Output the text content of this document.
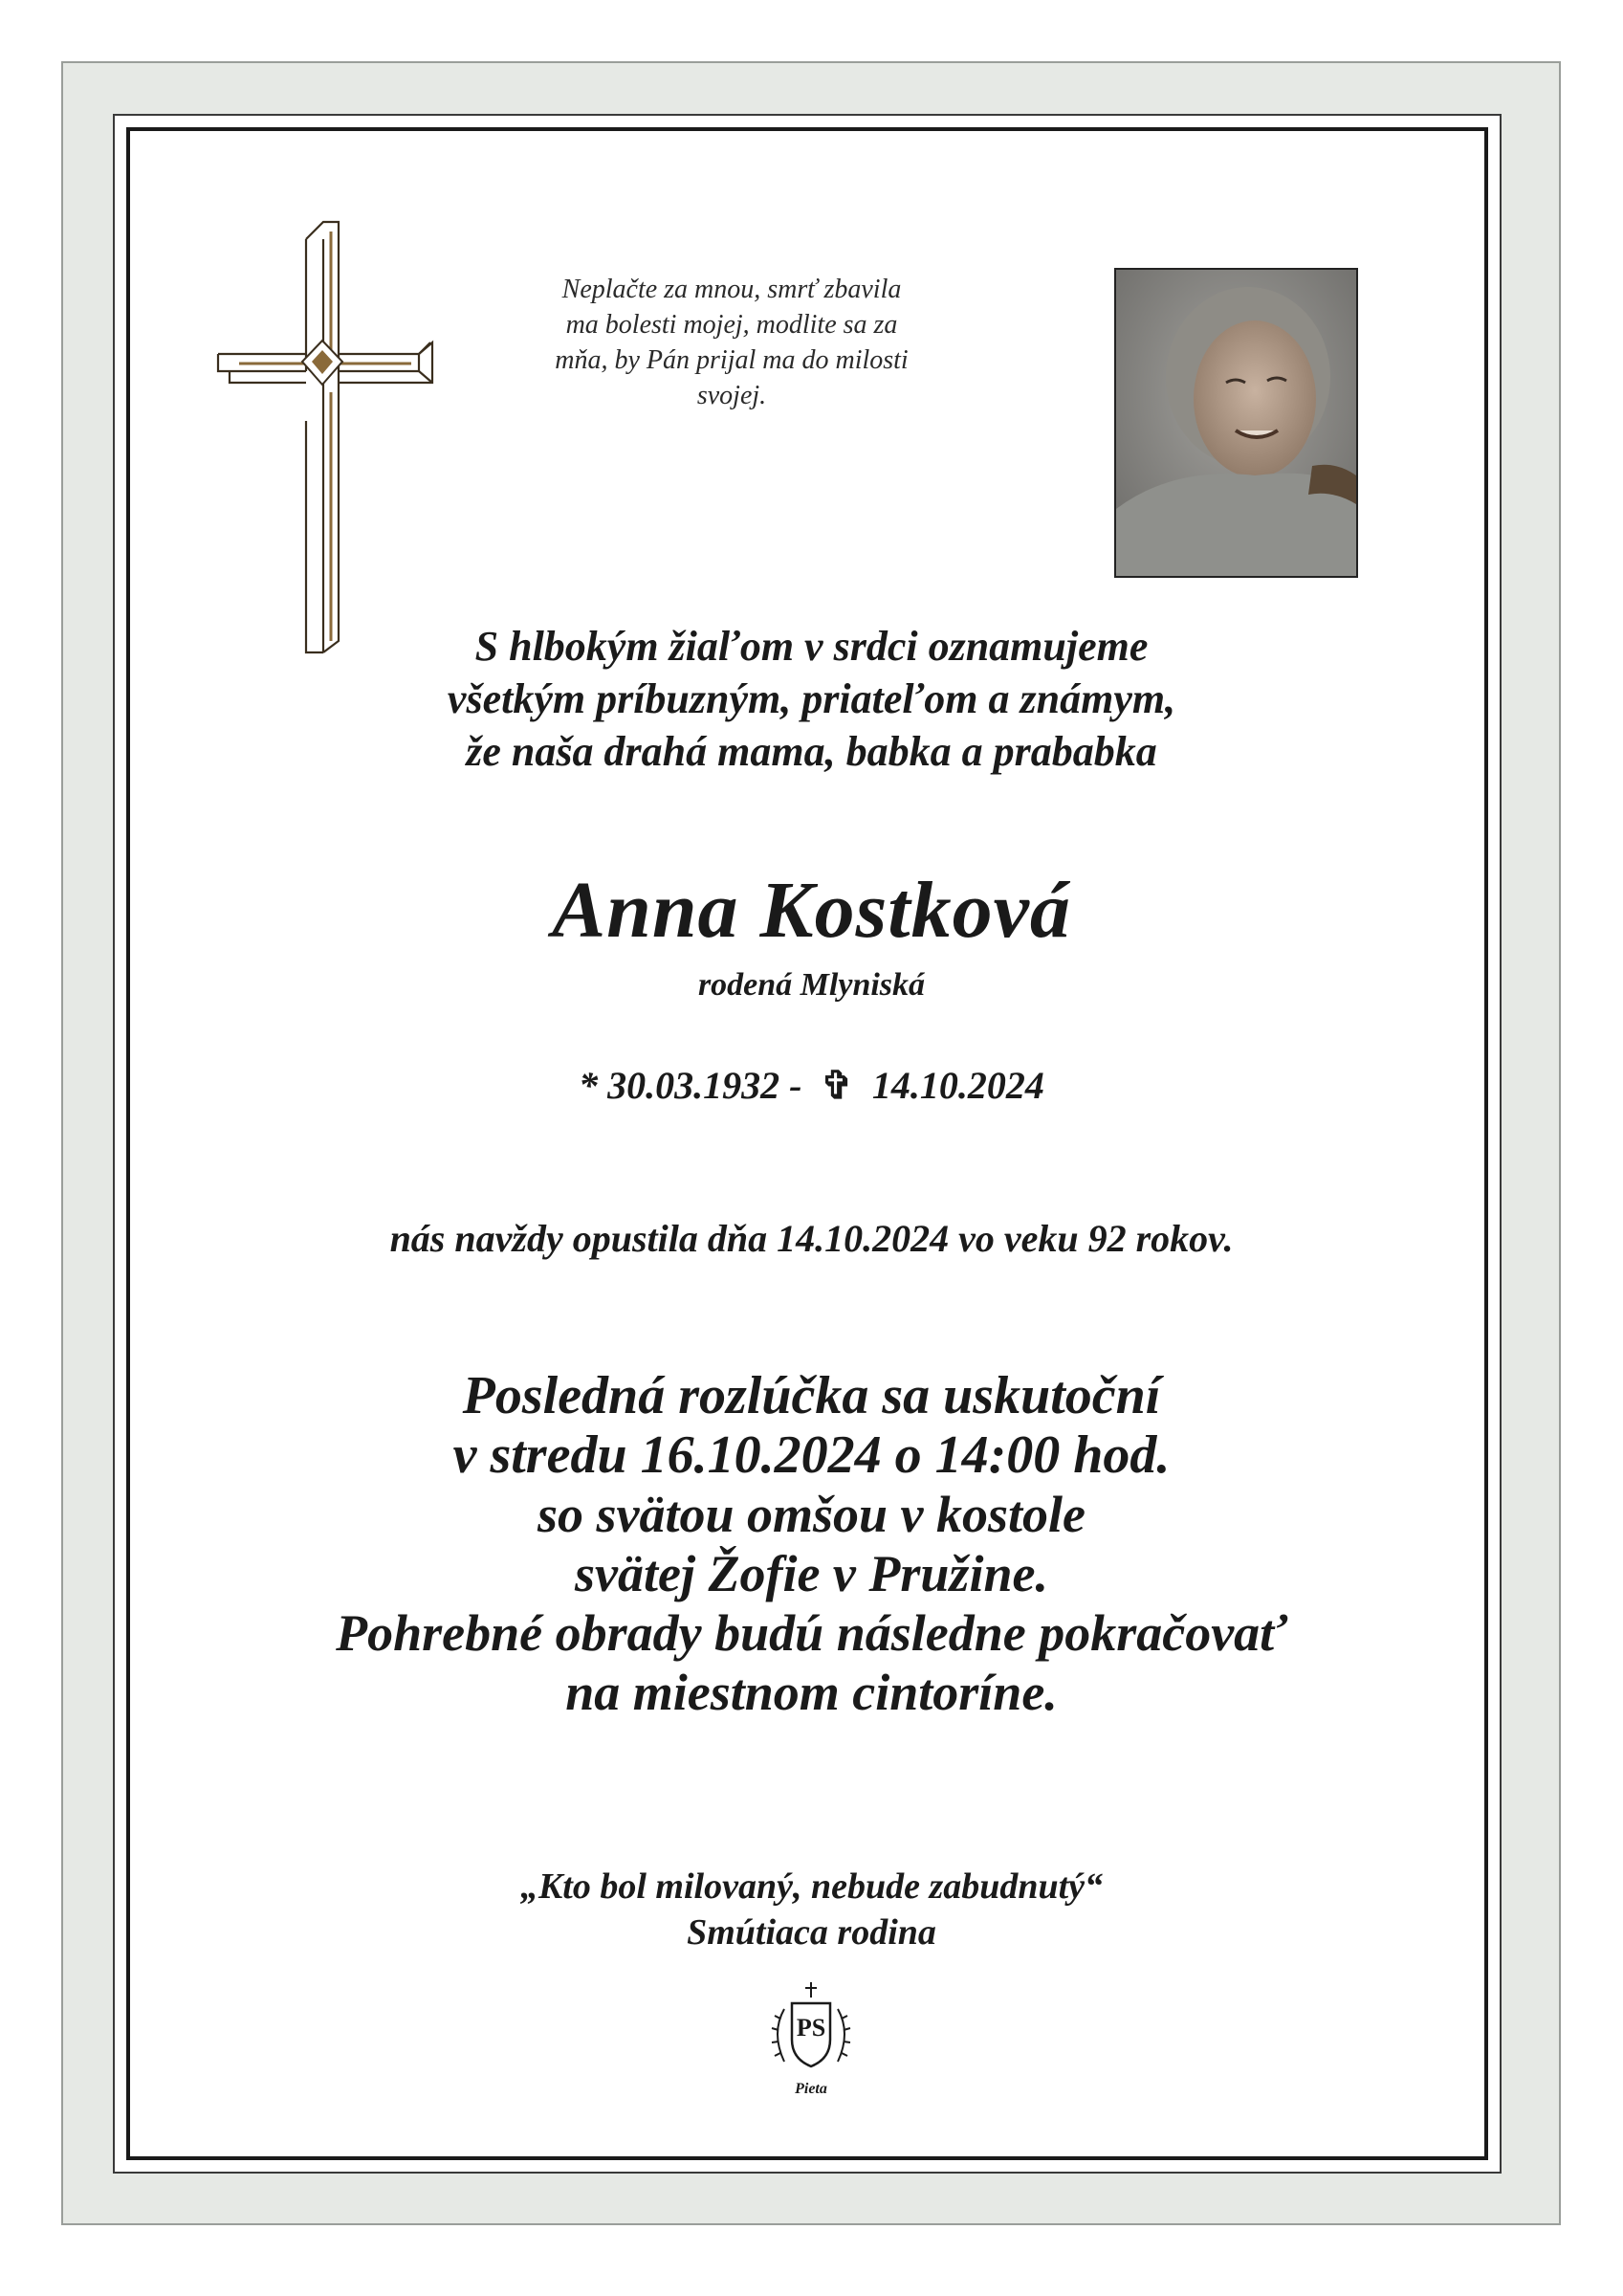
Neplačte za mnou, smrť zbavila
ma bolesti mojej, modlite sa za
mňa, by Pán prijal ma do milosti
svojej.
S hlbokým žiaľom v srdci oznamujeme
všetkým príbuzným, priateľom a známym,
že naša drahá mama, babka a prababka
Anna Kostková
rodená Mlyniská
* 30.03.1932 - ✞ 14.10.2024
nás navždy opustila dňa 14.10.2024 vo veku 92 rokov.
Posledná rozlúčka sa uskutoční
v stredu 16.10.2024 o 14:00 hod.
so svätou omšou v kostole
svätej Žofie v Pružine.
Pohrebné obrady budú následne pokračovať
na miestnom cintoríne.
„Kto bol milovaný, nebude zabudnutý“
Smútiaca rodina
PS
Pieta
